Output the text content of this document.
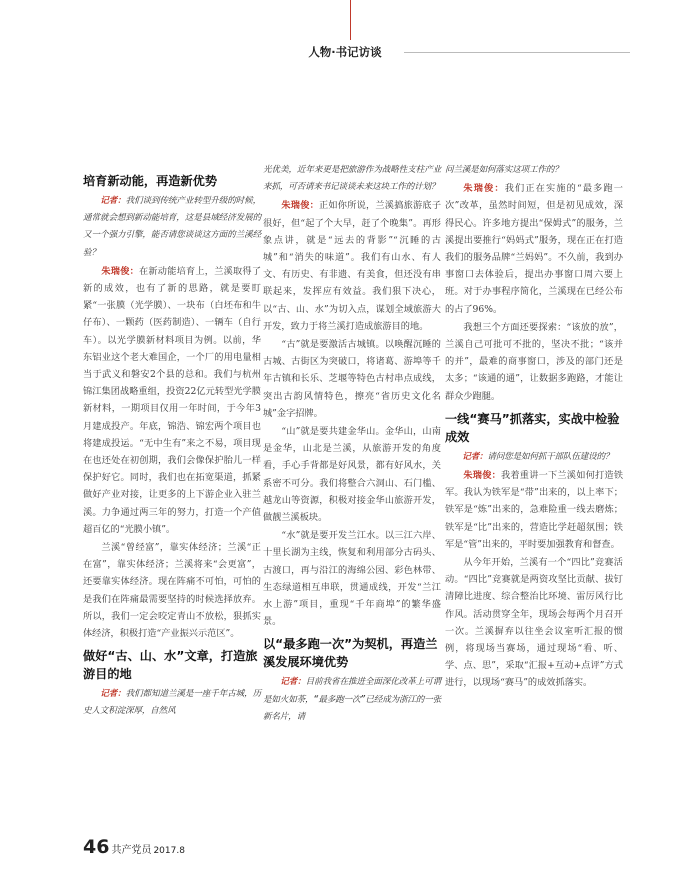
人物·书记访谈
培育新动能，再造新优势

记者：我们谈到传统产业转型升级的时候，通常就会想到新动能培育，这是县域经济发展的又一个强力引擎，能否请您谈谈这方面的兰溪经验？

朱瑞俊：在新动能培育上，兰溪取得了新的成效，也有了新的思路，就是要盯紧“一张膜（光学膜）、一块布（白坯布和牛仔布）、一颗药（医药制造）、一辆车（自行车）。以光学膜新材料项目为例。以前，华东铝业这个老大难国企，一个厂的用电量相当于武义和磐安2个县的总和。我们与杭州锦江集团战略重组，投资22亿元转型光学膜新材料，一期项目仅用一年时间，于今年3月建成投产。年底，锦浩、锦宏两个项目也将建成投运。“无中生有”来之不易，项目现在也还处在初创期，我们会像保护胎儿一样保护好它。同时，我们也在拓宽渠道，抓紧做好产业对接，让更多的上下游企业入驻兰溪。力争通过两三年的努力，打造一个产值超百亿的“光膜小镇”。

兰溪“曾经富”，靠实体经济；兰溪“正在富”，靠实体经济；兰溪将来“会更富”，还要靠实体经济。现在阵痛不可怕，可怕的是我们在阵痛最需要坚持的时候选择放弃。所以，我们一定会咬定青山不放松，狠抓实体经济，积极打造“产业振兴示范区”。

做好“古、山、水”文章，打造旅游目的地

记者：我们都知道兰溪是一座千年古城，历史人文积淀深厚，自然风

光优美，近年来更是把旅游作为战略性支柱产业来抓，可否请来书记谈谈未来这块工作的计划？

朱瑞俊：正如你所说，兰溪搞旅游底子很好，但“起了个大早，赶了个晚集”。再形象点讲，就是“远去的背影”“沉睡的古城”和“消失的味道”。我们有山水、有人文、有历史、有非遗、有美食，但还没有串联起来，发挥应有效益。我们狠下决心，以“古、山、水”为切入点，谋划全域旅游大开发，致力于将兰溪打造成旅游目的地。

“古”就是要激活古城镇。以唤醒沉睡的古城、古街区为突破口，将诸葛、游埠等千年古镇和长乐、芝堰等特色古村串点成线，突出古韵风情特色，擦亮“省历史文化名城”金字招牌。

“山”就是要共建金华山。金华山，山南是金华，山北是兰溪，从旅游开发的角度看，手心手背都是好风景，都有好风水，关系密不可分。我们将整合六洞山、石门槛、越龙山等资源，积极对接金华山旅游开发，做靓兰溪板块。

“水”就是要开发兰江水。以三江六岸、十里长湖为主线，恢复和利用部分古码头、古渡口，再与沿江的海绵公园、彩色林带、生态绿道相互串联，贯通成线，开发“兰江水上游”项目，重现“千年商埠”的繁华盛景。

以“最多跑一次”为契机，再造兰溪发展环境优势

记者：目前我省在推进全面深化改革上可谓是如火如荼，“最多跑一次”已经成为浙江的一张新名片，请

问兰溪是如何落实这项工作的？

朱瑞俊：我们正在实施的“最多跑一次”改革，虽然时间短，但是初见成效，深得民心。许多地方提出“保姆式”的服务，兰溪提出要推行“妈妈式”服务，现在正在打造我们的服务品牌“兰妈妈”。不久前，我到办事窗口去体验后，提出办事窗口周六要上班。对于办事程序简化，兰溪现在已经公布的占了96%。

我想三个方面还要探索：“该放的放”，兰溪自己可批可不批的，坚决不批；“该并的并”，最难的商事窗口，涉及的部门还是太多；“该通的通”，让数据多跑路，才能让群众少跑腿。

一线“赛马”抓落实，实战中检验成效

记者：请问您是如何抓干部队伍建设的？

朱瑞俊：我着重讲一下兰溪如何打造铁军。我认为铁军是“带”出来的，以上率下；铁军是“炼”出来的，急难险重一线去磨炼；铁军是“比”出来的，营造比学赶超氛围；铁军是“管”出来的，平时要加强教育和督查。

从今年开始，兰溪有一个“四比”竞赛活动。“四比”竞赛就是两资攻坚比贡献、拔钉清障比进度、综合整治比环境、雷厉风行比作风。活动贯穿全年，现场会每两个月召开一次。兰溪摒弃以往坐会议室听汇报的惯例，将现场当赛场，通过现场“看、听、学、点、思”，采取“汇报+互动+点评”方式进行，以现场“赛马”的成效抓落实。

46 共产党员 2017.8
